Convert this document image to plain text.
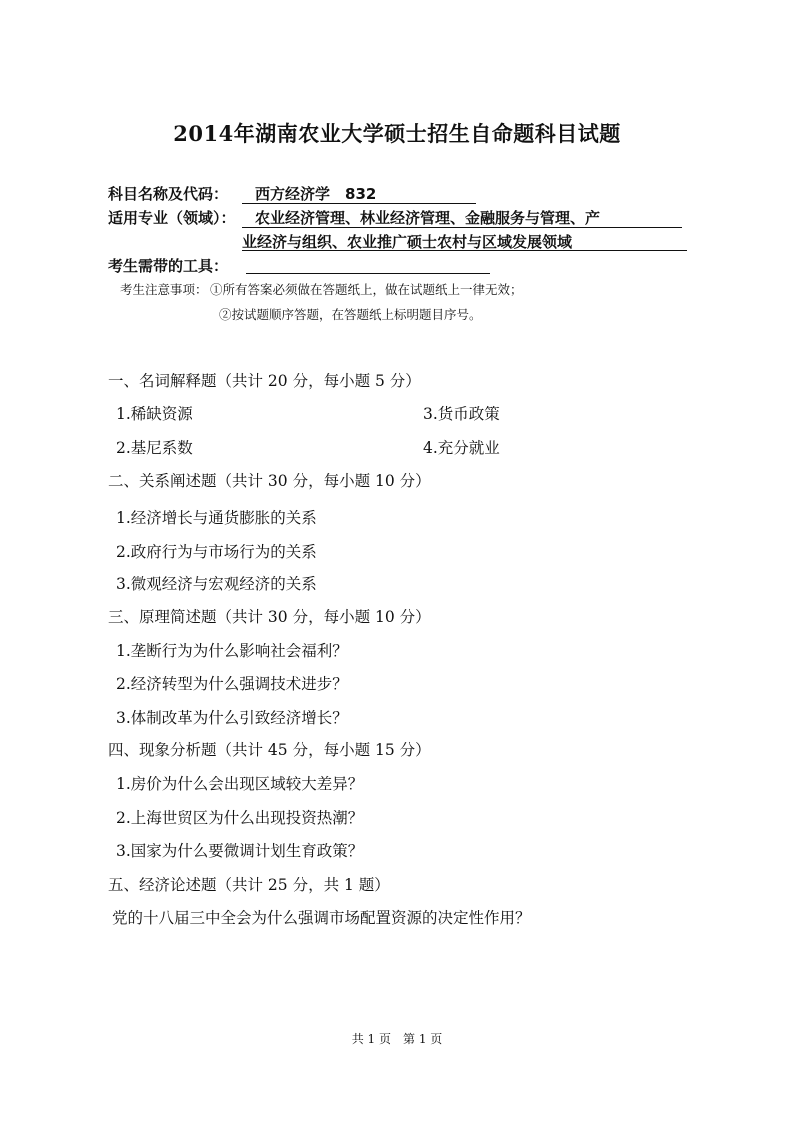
2014年湖南农业大学硕士招生自命题科目试题
科目名称及代码： 西方经济学　832
适用专业（领域）： 农业经济管理、林业经济管理、金融服务与管理、产
业经济与组织、农业推广硕士农村与区域发展领域
考生需带的工具：
考生注意事项： ①所有答案必须做在答题纸上，做在试题纸上一律无效；
②按试题顺序答题，在答题纸上标明题目序号。
一、名词解释题（共计 20 分，每小题 5 分）
1.稀缺资源	3.货币政策
2.基尼系数	4.充分就业
二、关系阐述题（共计 30 分，每小题 10 分）
1.经济增长与通货膨胀的关系
2.政府行为与市场行为的关系
3.微观经济与宏观经济的关系
三、原理简述题（共计 30 分，每小题 10 分）
1.垄断行为为什么影响社会福利？
2.经济转型为什么强调技术进步？
3.体制改革为什么引致经济增长？
四、现象分析题（共计 45 分，每小题 15 分）
1.房价为什么会出现区域较大差异？
2.上海世贸区为什么出现投资热潮？
3.国家为什么要微调计划生育政策？
五、经济论述题（共计 25 分，共 1 题）
党的十八届三中全会为什么强调市场配置资源的决定性作用？
共 1 页　第 1 页
